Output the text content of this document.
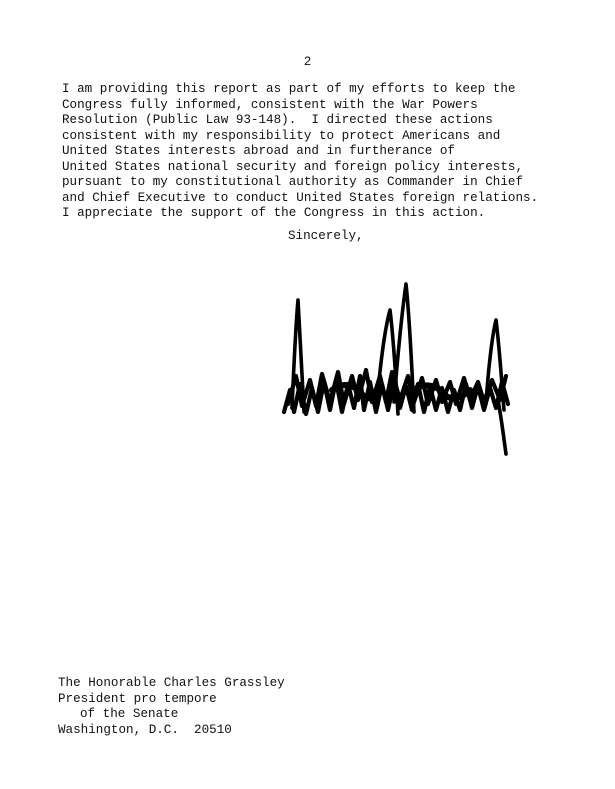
2
I am providing this report as part of my efforts to keep the
Congress fully informed, consistent with the War Powers
Resolution (Public Law 93-148).  I directed these actions
consistent with my responsibility to protect Americans and
United States interests abroad and in furtherance of
United States national security and foreign policy interests,
pursuant to my constitutional authority as Commander in Chief
and Chief Executive to conduct United States foreign relations.
I appreciate the support of the Congress in this action.
Sincerely,
The Honorable Charles Grassley
President pro tempore
of the Senate
Washington, D.C.  20510
